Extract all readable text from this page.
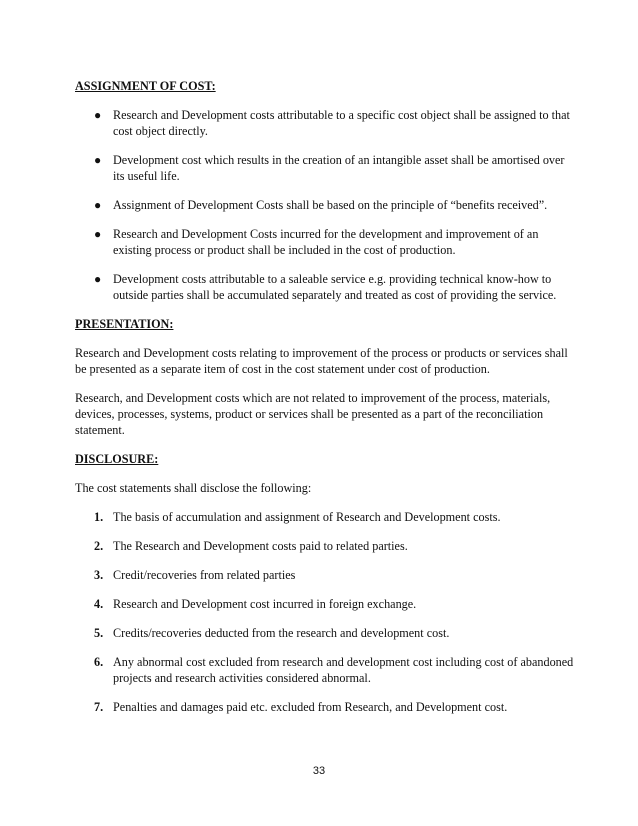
ASSIGNMENT OF COST:
● Research and Development costs attributable to a specific cost object shall be assigned to that cost object directly.
● Development cost which results in the creation of an intangible asset shall be amortised over its useful life.
● Assignment of Development Costs shall be based on the principle of “benefits received”.
● Research and Development Costs incurred for the development and improvement of an existing process or product shall be included in the cost of production.
● Development costs attributable to a saleable service e.g. providing technical know-how to outside parties shall be accumulated separately and treated as cost of providing the service.
PRESENTATION:

Research and Development costs relating to improvement of the process or products or services shall be presented as a separate item of cost in the cost statement under cost of production.

Research, and Development costs which are not related to improvement of the process, materials, devices, processes, systems, product or services shall be presented as a part of the reconciliation statement.

DISCLOSURE:

The cost statements shall disclose the following:

1. The basis of accumulation and assignment of Research and Development costs.
2. The Research and Development costs paid to related parties.
3. Credit/recoveries from related parties
4. Research and Development cost incurred in foreign exchange.
5. Credits/recoveries deducted from the research and development cost.
6. Any abnormal cost excluded from research and development cost including cost of abandoned projects and research activities considered abnormal.
7. Penalties and damages paid etc. excluded from Research, and Development cost.
33
